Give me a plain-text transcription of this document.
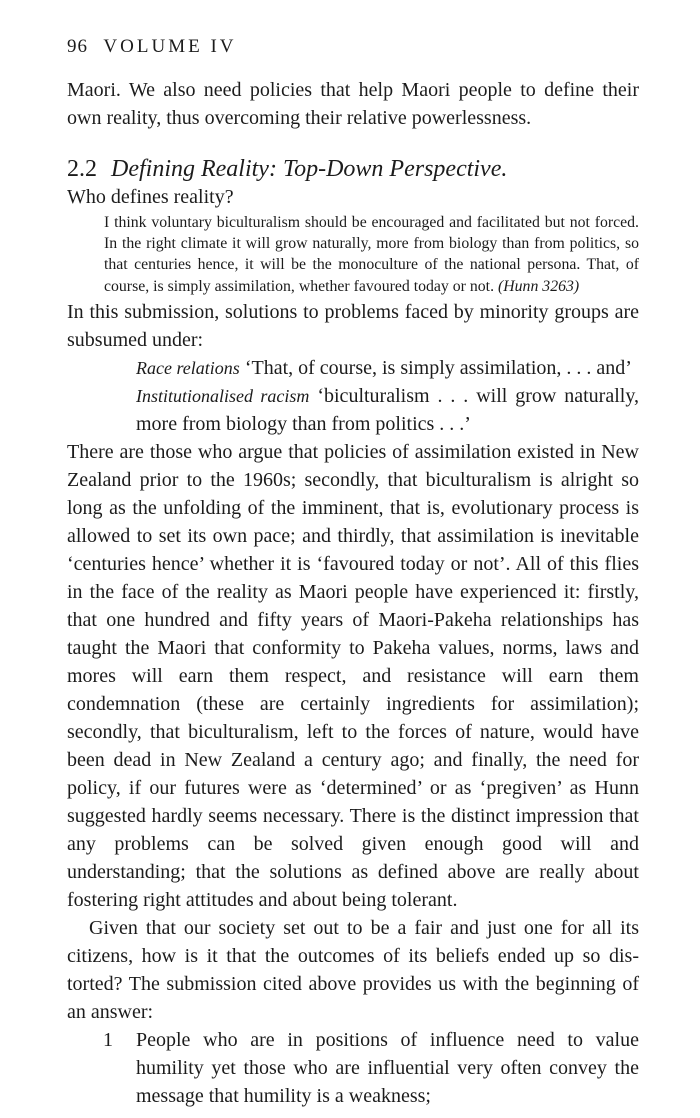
96 VOLUME IV

Maori. We also need policies that help Maori people to define their own reality, thus overcoming their relative powerlessness.

2.2 Defining Reality: Top-Down Perspective.

Who defines reality?

I think voluntary biculturalism should be encouraged and facilitated but not forced. In the right climate it will grow naturally, more from biology than from politics, so that centuries hence, it will be the monoculture of the national persona. That, of course, is simply assimilation, whether favoured today or not. (Hunn 3263)

In this submission, solutions to problems faced by minority groups are subsumed under:

Race relations ‘That, of course, is simply assimilation, . . . and’

Institutionalised racism ‘biculturalism . . . will grow naturally, more from biology than from politics . . .’

There are those who argue that policies of assimilation existed in New Zealand prior to the 1960s; secondly, that biculturalism is alright so long as the unfolding of the imminent, that is, evolutionary process is allowed to set its own pace; and thirdly, that assimilation is inevitable ‘centuries hence’ whether it is ‘favoured today or not’. All of this flies in the face of the reality as Maori people have experienced it: firstly, that one hundred and fifty years of Maori-Pakeha relationships has taught the Maori that conformity to Pakeha values, norms, laws and mores will earn them respect, and resistance will earn them condemnation (these are certainly ingredients for assimilation); secondly, that biculturalism, left to the forces of nature, would have been dead in New Zealand a century ago; and finally, the need for policy, if our futures were as ‘determined’ or as ‘pregiven’ as Hunn suggested hardly seems necessary. There is the distinct impression that any problems can be solved given enough good will and understanding; that the solutions as defined above are really about fostering right attitudes and about being tolerant.

Given that our society set out to be a fair and just one for all its citizens, how is it that the outcomes of its beliefs ended up so distorted? The submission cited above provides us with the beginning of an answer:

1 People who are in positions of influence need to value humility yet those who are influential very often convey the message that humility is a weakness;
